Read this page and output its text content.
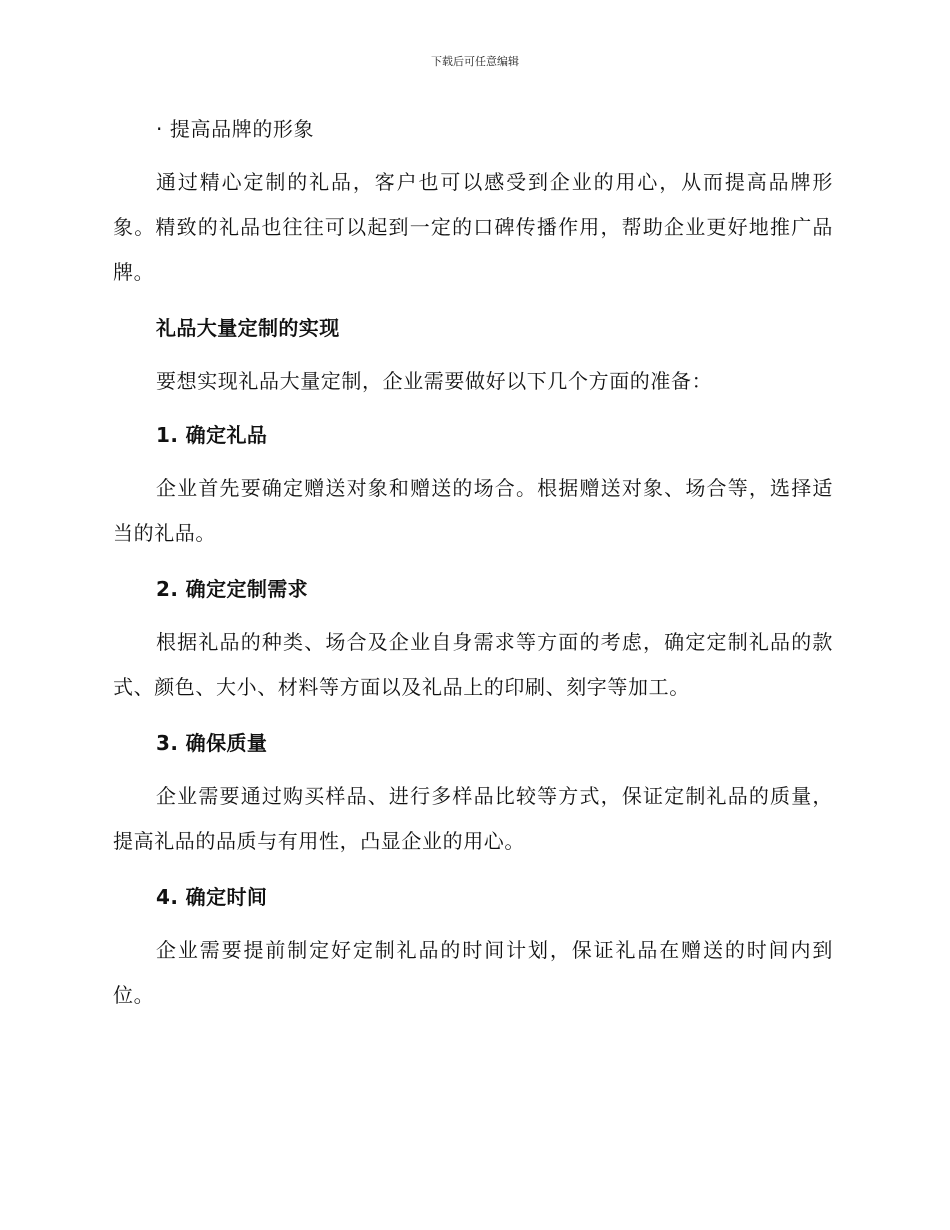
下载后可任意编辑

· 提高品牌的形象

通过精心定制的礼品，客户也可以感受到企业的用心，从而提高品牌形象。精致的礼品也往往可以起到一定的口碑传播作用，帮助企业更好地推广品牌。

礼品大量定制的实现

要想实现礼品大量定制，企业需要做好以下几个方面的准备：

1. 确定礼品

企业首先要确定赠送对象和赠送的场合。根据赠送对象、场合等，选择适当的礼品。

2. 确定定制需求

根据礼品的种类、场合及企业自身需求等方面的考虑，确定定制礼品的款式、颜色、大小、材料等方面以及礼品上的印刷、刻字等加工。

3. 确保质量

企业需要通过购买样品、进行多样品比较等方式，保证定制礼品的质量，提高礼品的品质与有用性，凸显企业的用心。

4. 确定时间

企业需要提前制定好定制礼品的时间计划，保证礼品在赠送的时间内到位。
